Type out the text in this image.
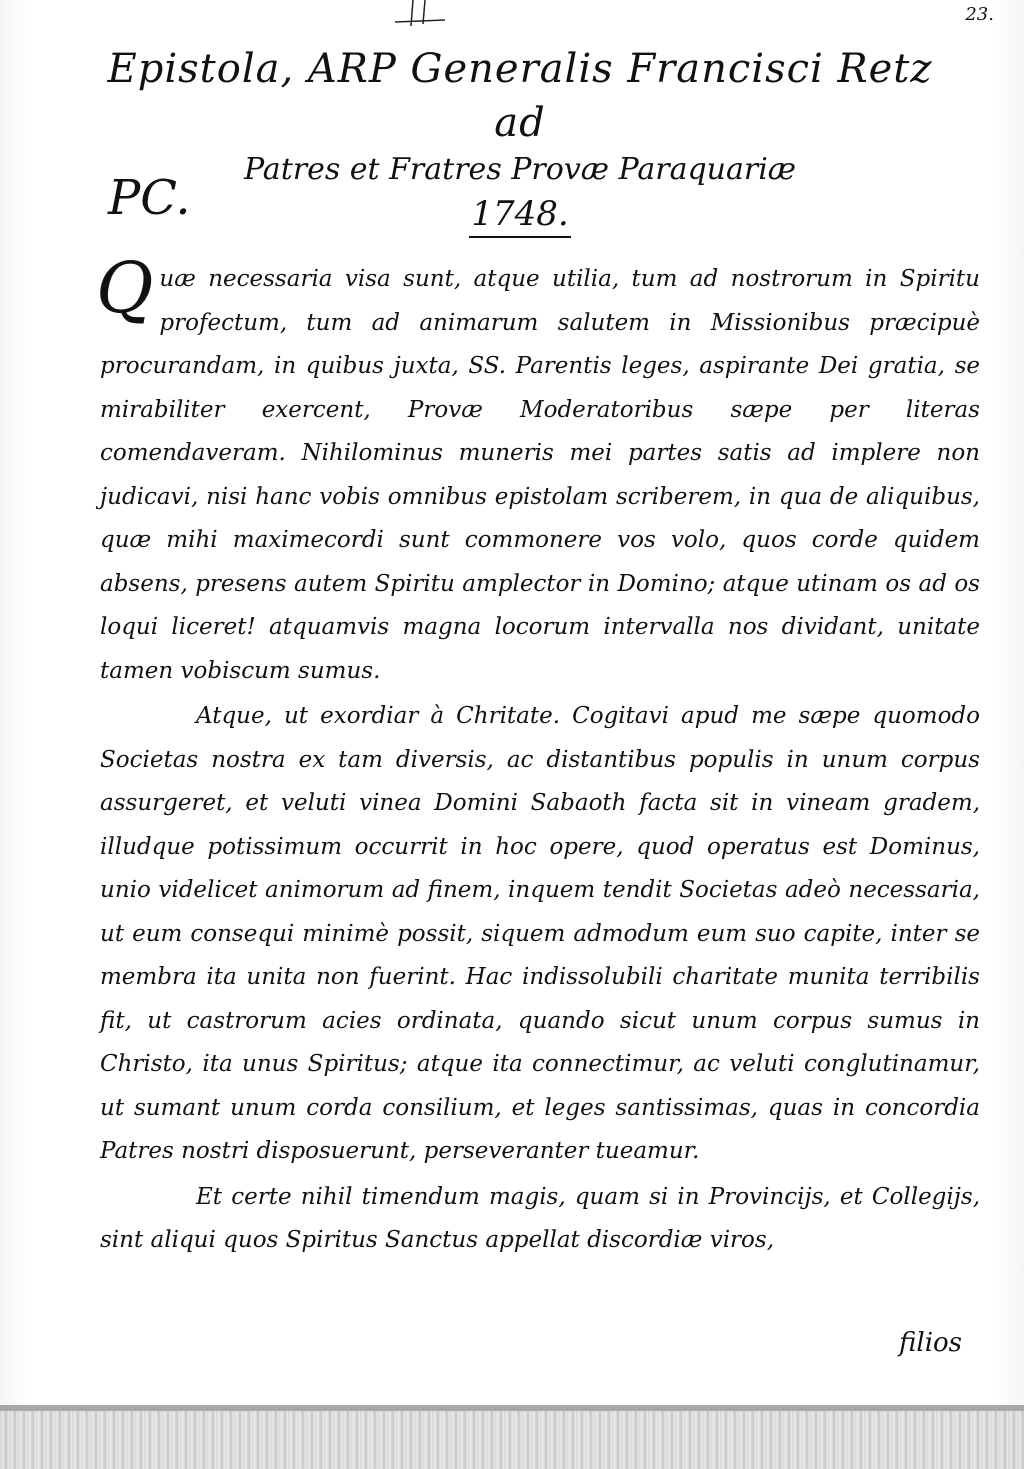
23.
Epistola, ARP Generalis Francisci Retz ad
Patres et Fratres Provæ Paraquariæ
1748.
PC.

Quæ necessaria visa sunt, atque utilia, tum ad nostrorum in Spiritu profectum, tum ad animarum salutem in Missionibus præcipuè procurandam, in quibus juxta, SS. Parentis leges, aspirante Dei gratia, se mirabiliter exercent, Provæ Moderatoribus sæpe per literas comendaveram. Nihilominus muneris mei partes satis ad implere non judicavi, nisi hanc vobis omnibus epistolam scriberem, in qua de aliquibus, quæ mihi maximecordi sunt commonere vos volo, quos corde quidem absens, presens autem Spiritu amplector in Domino; atque utinam os ad os loqui liceret! atquamvis magna locorum intervalla nos dividant, unitate tamen vobiscum sumus.

Atque, ut exordiar à Chritate. Cogitavi apud me sæpe quomodo Societas nostra ex tam diversis, ac distantibus populis in unum corpus assurgeret, et veluti vinea Domini Sabaoth facta sit in vineam gradem, illudque potissimum occurrit in hoc opere, quod operatus est Dominus, unio videlicet animorum ad finem, inquem tendit Societas adeò necessaria, ut eum consequi minimè possit, siquem admodum eum suo capite, inter se membra ita unita non fuerint. Hac indissolubili charitate munita terribilis fit, ut castrorum acies ordinata, quando sicut unum corpus sumus in Christo, ita unus Spiritus; atque ita connectimur, ac veluti conglutinamur, ut sumant unum corda consilium, et leges santissimas, quas in concordia Patres nostri disposuerunt, perseveranter tueamur.

Et certe nihil timendum magis, quam si in Provincijs, et Collegijs, sint aliqui quos Spiritus Sanctus appellat discordiæ viros,

filios
